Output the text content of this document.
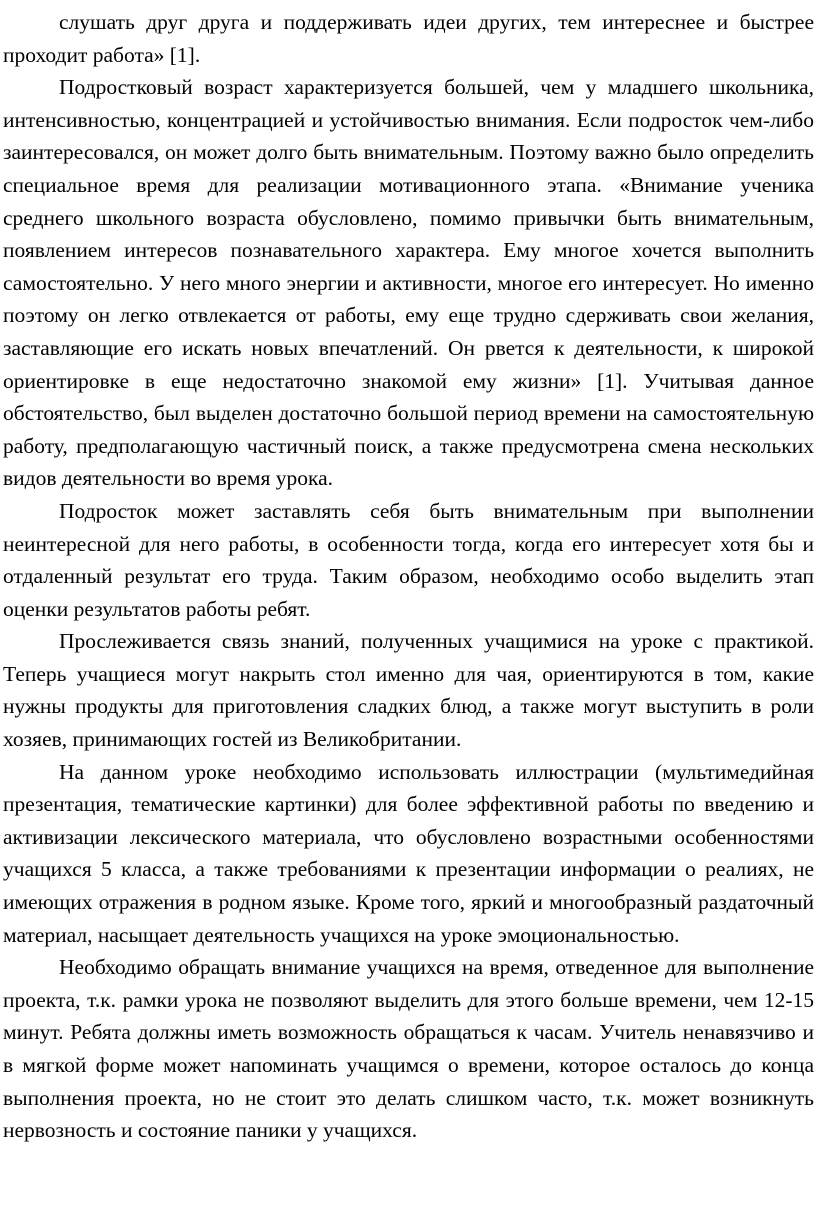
слушать друг друга и поддерживать идеи других, тем интереснее и быстрее проходит работа» [1].

Подростковый возраст характеризуется большей, чем у младшего школьника, интенсивностью, концентрацией и устойчивостью внимания. Если подросток чем-либо заинтересовался, он может долго быть внимательным. Поэтому важно было определить специальное время для реализации мотивационного этапа. «Внимание ученика среднего школьного возраста обусловлено, помимо привычки быть внимательным, появлением интересов познавательного характера. Ему многое хочется выполнить самостоятельно. У него много энергии и активности, многое его интересует. Но именно поэтому он легко отвлекается от работы, ему еще трудно сдерживать свои желания, заставляющие его искать новых впечатлений. Он рвется к деятельности, к широкой ориентировке в еще недостаточно знакомой ему жизни» [1]. Учитывая данное обстоятельство, был выделен достаточно большой период времени на самостоятельную работу, предполагающую частичный поиск, а также предусмотрена смена нескольких видов деятельности во время урока.

Подросток может заставлять себя быть внимательным при выполнении неинтересной для него работы, в особенности тогда, когда его интересует хотя бы и отдаленный результат его труда. Таким образом, необходимо особо выделить этап оценки результатов работы ребят.

Прослеживается связь знаний, полученных учащимися на уроке с практикой. Теперь учащиеся могут накрыть стол именно для чая, ориентируются в том, какие нужны продукты для приготовления сладких блюд, а также могут выступить в роли хозяев, принимающих гостей из Великобритании.

На данном уроке необходимо использовать иллюстрации (мультимедийная презентация, тематические картинки) для более эффективной работы по введению и активизации лексического материала, что обусловлено возрастными особенностями учащихся 5 класса, а также требованиями к презентации информации о реалиях, не имеющих отражения в родном языке. Кроме того, яркий и многообразный раздаточный материал, насыщает деятельность учащихся на уроке эмоциональностью.

Необходимо обращать внимание учащихся на время, отведенное для выполнение проекта, т.к. рамки урока не позволяют выделить для этого больше времени, чем 12-15 минут. Ребята должны иметь возможность обращаться к часам. Учитель ненавязчиво и в мягкой форме может напоминать учащимся о времени, которое осталось до конца выполнения проекта, но не стоит это делать слишком часто, т.к. может возникнуть нервозность и состояние паники у учащихся.
